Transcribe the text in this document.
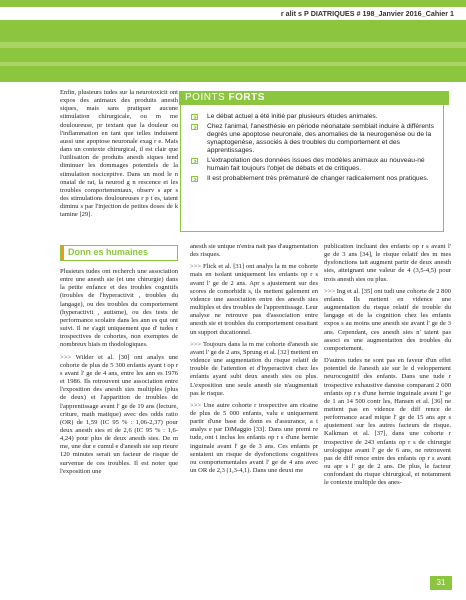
r alit s P DIATRIQUES # 198_Janvier 2016_Cahier 1

Enfin, plusieurs tudes sur la neurotoxicit ont expos des animaux des produits anesth siques, mais sans pratiquer aucune stimulation chirurgicale, ou m me douloureuse, pr textant que la douleur ou l'inflammation en tant que telles induisent aussi une apoptose neuronale exag r e. Mais dans un contexte chirurgical, il est clair que l'utilisation de produits anesth siques tend diminuer les dommages potentiels de la stimulation nociceptive. Dans un mod le n onatal de rat, la neurod g n rescence et les troubles comportementaux, observ s apr s des stimulations douloureuses r p t es, taient diminu s par l'injection de petites doses de k tamine [29].

POINTS FORTS
Le débat actuel a été initié par plusieurs études animales.
Chez l'animal, l'anesthésie en période néonatale semblait induire à différents degrés une apoptose neuronale, des anomalies de la neurogenèse ou de la synaptogenèse, associés à des troubles du comportement et des apprentissages.
L'extrapolation des données issues des modèles animaux au nouveau-né humain fait toujours l'objet de débats et de critiques.
Il est probablement très prématuré de changer radicalement nos pratiques.
Donn es humaines

Plusieurs tudes ont recherch une association entre une anesth sie (et une chirurgie) dans la petite enfance et des troubles cognitifs (troubles de l'hyperactivit , troubles du langage), ou des troubles du comportement (hyperactivit , autisme), ou des tests de performance scolaire dans les ann es qui ont suivi. Il ne s'agit uniquement que d' tudes r trospectives de cohortes, non exemptes de nombreux biais m thodologiques.

>>> Wilder et al. [30] ont analys une cohorte de plus de 5 300 enfants ayant t op r s avant l' ge de 4 ans, entre les ann es 1976 et 1986. Ils retrouvent une association entre l'exposition des anesth sies multiples (plus de deux) et l'apparition de troubles de l'apprentissage avant l' ge de 19 ans (lecture, criture, math matique) avec des odds ratio (OR) de 1,59 (IC 95 % : 1,06-2,37) pour deux anesth sies et de 2,6 (IC 95 % : 1,6-4,24) pour plus de deux anesth sies. De m me, une dur e cumul e d'anesth sie sup rieure 120 minutes serait un facteur de risque de survenue de ces troubles. Il est noter que l'exposition une

anesth sie unique n'entra nait pas d'augmentation des risques.

>>> Flick et al. [31] ont analys la m me cohorte mais en isolant uniquement les enfants op r s avant l' ge de 2 ans. Apr s ajustement sur des scores de comorbidit s, ils mettent galement en vidence une association entre des anesth sies multiples et des troubles de l'apprentissage. Leur analyse ne retrouve pas d'association entre anesth sie et troubles du comportement cessitant un support ducationnel.

>>> Toujours dans la m me cohorte d'anesth sie avant l' ge de 2 ans, Sprung et al. [32] mettent en vidence une augmentation du risque relatif de trouble de l'attention et d'hyperactivit chez les enfants ayant subi deux anesth sies ou plus. L'exposition une seule anesth sie n'augmentait pas le risque.

>>> Une autre cohorte r trospective am ricaine de plus de 5 000 enfants, valu e uniquement partir d'une base de donn es d'assurance, a t analys e par DiMaggio [33]. Dans une premi re tude, ont t inclus les enfants op r s d'une hernie inguinale avant l' ge de 3 ans. Ces enfants pr sentaient un risque de dysfonctions cognitives ou comportementales avant l' ge de 4 ans avec un OR de 2,3 (1,3-4,1). Dans une deuxi me

publication incluant des enfants op r s avant l' ge de 3 ans [34], le risque relatif des m mes dysfonctions tait augment partir de deux anesth sies, atteignant une valeur de 4 (3,5-4,5) pour trois anesth sies ou plus.

>>> Ing et al. [35] ont tudi une cohorte de 2 800 enfants. Ils mettent en vidence une augmentation du risque relatif de trouble du langage et de la cognition chez les enfants expos s au moins une anesth sie avant l' ge de 3 ans. Cependant, ces anesth sies n' taient pas associ es une augmentation des troubles du comportement.

D'autres tudes ne sont pas en faveur d'un effet potentiel de l'anesth sie sur le d veloppement neurocognitif des enfants. Dans une tude r trospective exhaustive danoise comparant 2 600 enfants op r s d'une hernie inguinale avant l' ge de 1 an 14 500 contr les, Hansen et al. [36] ne mettent pas en vidence de diff rence de performance acad mique l' ge de 15 ans apr s ajustement sur les autres facteurs de risque. Kalkman et al. [37], dans une cohorte r trospective de 243 enfants op r s de chirurgie urologique avant l' ge de 6 ans, ne retrouvent pas de diff rence entre des enfants op r s avant ou apr s l' ge de 2 ans. De plus, le facteur confondant du risque chirurgical, et notamment le contexte multiple des anes-

31
